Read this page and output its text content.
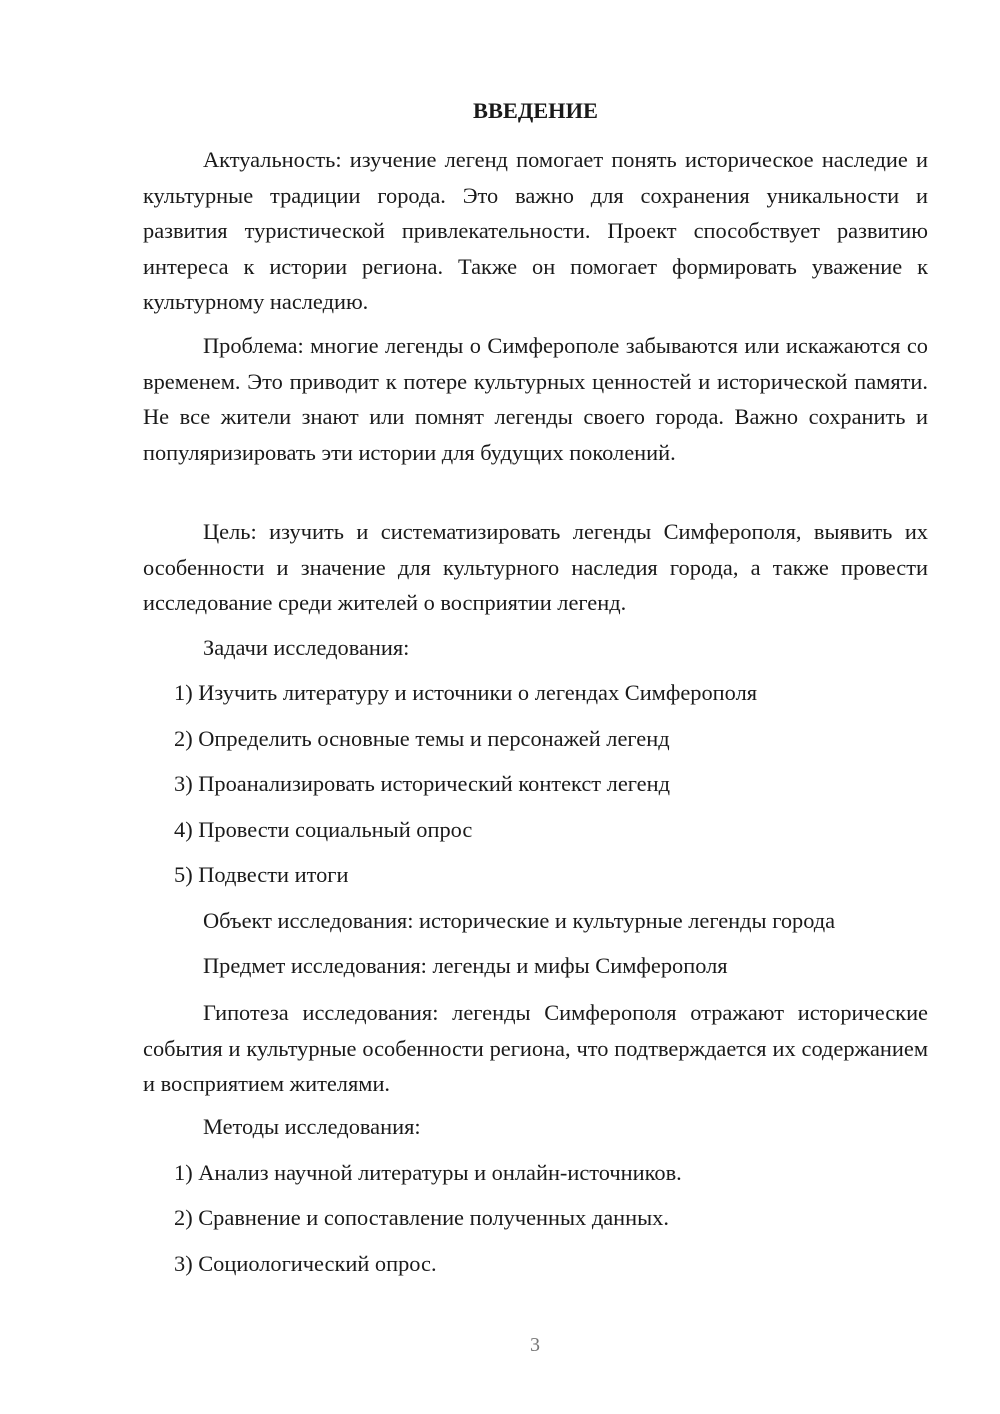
ВВЕДЕНИЕ

Актуальность: изучение легенд помогает понять историческое наследие и культурные традиции города. Это важно для сохранения уникальности и развития туристической привлекательности. Проект способствует развитию интереса к истории региона. Также он помогает формировать уважение к культурному наследию.

Проблема: многие легенды о Симферополе забываются или искажаются со временем. Это приводит к потере культурных ценностей и исторической памяти. Не все жители знают или помнят легенды своего города. Важно сохранить и популяризировать эти истории для будущих поколений.

Цель: изучить и систематизировать легенды Симферополя, выявить их особенности и значение для культурного наследия города, а также провести исследование среди жителей о восприятии легенд.

Задачи исследования:
1) Изучить литературу и источники о легендах Симферополя
2) Определить основные темы и персонажей легенд
3) Проанализировать исторический контекст легенд
4) Провести социальный опрос
5) Подвести итоги
Объект исследования: исторические и культурные легенды города
Предмет исследования: легенды и мифы Симферополя

Гипотеза исследования: легенды Симферополя отражают исторические события и культурные особенности региона, что подтверждается их содержанием и восприятием жителями.

Методы исследования:
1) Анализ научной литературы и онлайн-источников.
2) Сравнение и сопоставление полученных данных.
3) Социологический опрос.
3
